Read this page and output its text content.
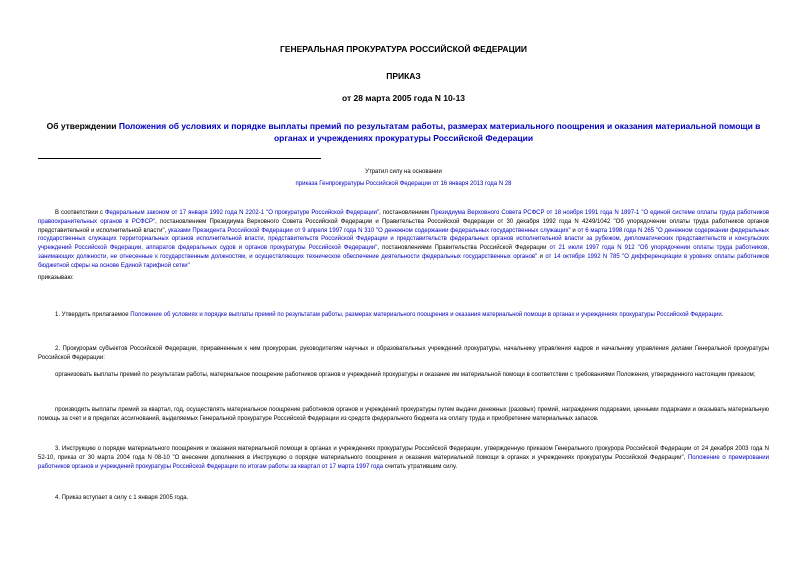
ГЕНЕРАЛЬНАЯ ПРОКУРАТУРА РОССИЙСКОЙ ФЕДЕРАЦИИ
ПРИКАЗ
от 28 марта 2005 года N 10-13
Об утверждении Положения об условиях и порядке выплаты премий по результатам работы, размерах материального поощрения и оказания материальной помощи в органах и учреждениях прокуратуры Российской Федерации
Утратил силу на основании
приказа Генпрокуратуры Российской Федерации от 16 января 2013 года N 28
В соответствии с Федеральным законом от 17 января 1992 года N 2202-1 "О прокуратуре Российской Федерации", постановлением Президиума Верховного Совета РСФСР от 18 ноября 1991 года N 1897-1 "О единой системе оплаты труда работников правоохранительных органов в РСФСР", постановлением Президиума Верховного Совета Российской Федерации и Правительства Российской Федерации от 30 декабря 1992 года N 4249/1042 "Об упорядочении оплаты труда работников органов представительной и исполнительной власти", указами Президента Российской Федерации от 9 апреля 1997 года N 310 "О денежном содержании федеральных государственных служащих" и от 6 марта 1998 года N 265 "О денежном содержании федеральных государственных служащих территориальных органов исполнительной власти, представительств Российской Федерации и представительств федеральных органов исполнительной власти за рубежом, дипломатических представительств и консульских учреждений Российской Федерации, аппаратов федеральных судов и органов прокуратуры Российской Федерации", постановлениями Правительства Российской Федерации от 21 июля 1997 года N 912 "Об упорядочении оплаты труда работников, занимающих должности, не отнесенные к государственным должностям, и осуществляющих техническое обеспечение деятельности федеральных государственных органов" и от 14 октября 1992 N 785 "О дифференциации в уровнях оплаты работников бюджетной сферы на основе Единой тарифной сетки"
приказываю:
1. Утвердить прилагаемое Положение об условиях и порядке выплаты премий по результатам работы, размерах материального поощрения и оказания материальной помощи в органах и учреждениях прокуратуры Российской Федерации.
2. Прокурорам субъектов Российской Федерации, приравненным к ним прокурорам, руководителям научных и образовательных учреждений прокуратуры, начальнику управления кадров и начальнику управления делами Генеральной прокуратуры Российской Федерации:
организовать выплаты премий по результатам работы, материальное поощрение работников органов и учреждений прокуратуры и оказание им материальной помощи в соответствии с требованиями Положения, утвержденного настоящим приказом;
производить выплаты премий за квартал, год, осуществлять материальное поощрение работников органов и учреждений прокуратуры путем выдачи денежных (разовых) премий, награждения подарками, ценными подарками и оказывать материальную помощь за счет и в пределах ассигнований, выделяемых Генеральной прокуратуре Российской Федерации из средств федерального бюджета на оплату труда и приобретение материальных запасов.
3. Инструкцию о порядке материального поощрения и оказания материальной помощи в органах и учреждениях прокуратуры Российской Федерации, утвержденную приказом Генерального прокурора Российской Федерации от 24 декабря 2003 года N 52-10, приказ от 30 марта 2004 года N 08-10 "О внесении дополнения в Инструкцию о порядке материального поощрения и оказания материальной помощи в органах и учреждениях прокуратуры Российской Федерации", Положение о премировании работников органов и учреждений прокуратуры Российской Федерации по итогам работы за квартал от 17 марта 1997 года считать утратившим силу.
4. Приказ вступает в силу с 1 января 2005 года.
